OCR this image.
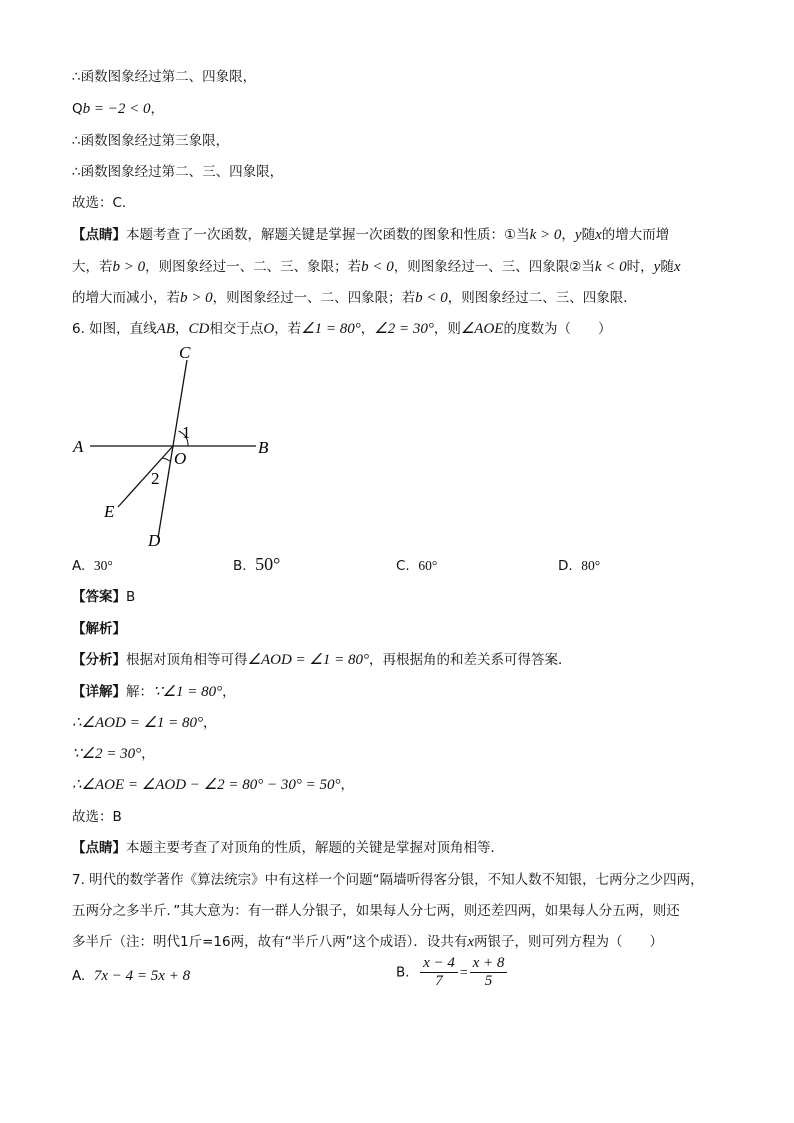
∴函数图象经过第二、四象限，
Qb = −2 < 0，
∴函数图象经过第三象限，
∴函数图象经过第二、三、四象限，
故选：C．
【点睛】本题考查了一次函数，解题关键是掌握一次函数的图象和性质：①当k > 0，y随x的增大而增
大，若b > 0，则图象经过一、二、三、象限；若b < 0，则图象经过一、三、四象限②当k < 0时，y随x
的增大而减小，若b > 0，则图象经过一、二、四象限；若b < 0，则图象经过二、三、四象限．
6. 如图，直线AB，CD相交于点O，若∠1 = 80°，∠2 = 30°，则∠AOE的度数为（　　）
C
A	B
O
1
2
E
D
A. 30°	B. 50°	C. 60°	D. 80°
【答案】B
【解析】
【分析】根据对顶角相等可得∠AOD = ∠1 = 80°，再根据角的和差关系可得答案．
【详解】解：∵∠1 = 80°，
∴∠AOD = ∠1 = 80°，
∵∠2 = 30°，
∴∠AOE = ∠AOD − ∠2 = 80° − 30° = 50°，
故选：B
【点睛】本题主要考查了对顶角的性质，解题的关键是掌握对顶角相等．
7. 明代的数学著作《算法统宗》中有这样一个问题“隔墙听得客分银，不知人数不知银，七两分之少四两，
五两分之多半斤．”其大意为：有一群人分银子，如果每人分七两，则还差四两，如果每人分五两，则还
多半斤（注：明代1斤=16两，故有“半斤八两”这个成语）．设共有x两银子，则可列方程为（　　）
A. 7x − 4 = 5x + 8	B. $\frac{x - 4}{7} = \frac{x + 8}{5}$
